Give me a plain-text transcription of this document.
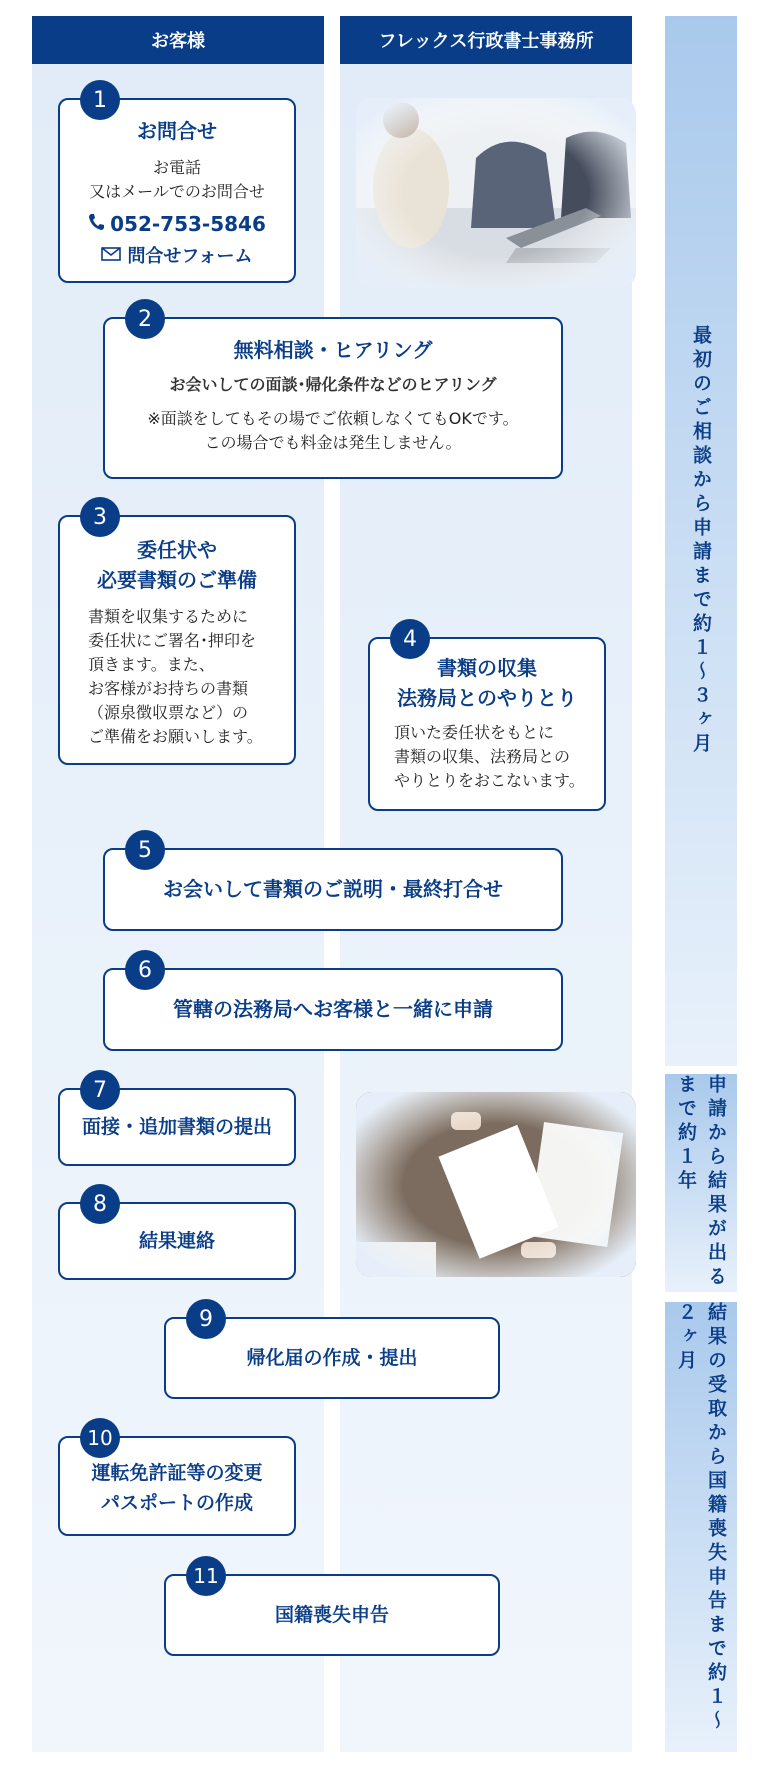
お客様	フレックス行政書士事務所
最初のご相談から申請まで約１～３ヶ月
申請から結果が出るまで約１年
結果の受取から国籍喪失申告まで約１～２ヶ月
1
お問合せ
お電話
又はメールでのお問合せ
052-753-5846
問合せフォーム
2
無料相談・ヒアリング
お会いしての面談･帰化条件などのヒアリング
※面談をしてもその場でご依頼しなくてもOKです。
この場合でも料金は発生しません。
3
委任状や
必要書類のご準備
書類を収集するために
委任状にご署名･押印を
頂きます。また、
お客様がお持ちの書類
（源泉徴収票など）の
ご準備をお願いします。
4
書類の収集
法務局とのやりとり
頂いた委任状をもとに
書類の収集、法務局との
やりとりをおこないます。
5
お会いして書類のご説明・最終打合せ
6
管轄の法務局へお客様と一緒に申請
7
面接・追加書類の提出
8
結果連絡
9
帰化届の作成・提出
10
運転免許証等の変更
パスポートの作成
11
国籍喪失申告
